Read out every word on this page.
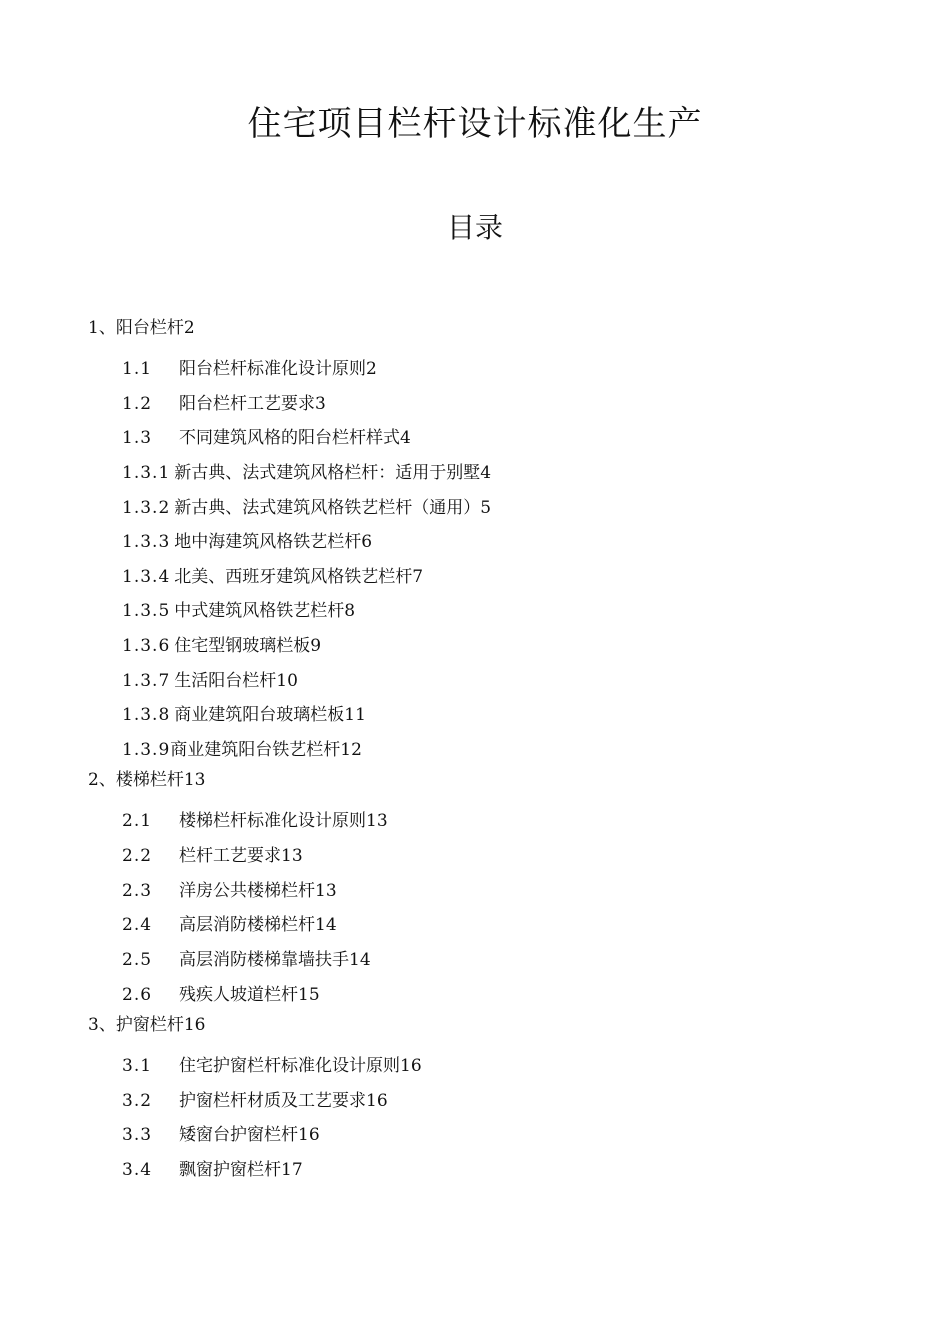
住宅项目栏杆设计标准化生产
目录
1、阳台栏杆2
1.1 阳台栏杆标准化设计原则2
1.2 阳台栏杆工艺要求3
1.3 不同建筑风格的阳台栏杆样式4
1.3.1 新古典、法式建筑风格栏杆：适用于别墅4
1.3.2 新古典、法式建筑风格铁艺栏杆（通用）5
1.3.3 地中海建筑风格铁艺栏杆6
1.3.4 北美、西班牙建筑风格铁艺栏杆7
1.3.5 中式建筑风格铁艺栏杆8
1.3.6 住宅型钢玻璃栏板9
1.3.7 生活阳台栏杆10
1.3.8 商业建筑阳台玻璃栏板11
1.3.9商业建筑阳台铁艺栏杆12
2、楼梯栏杆13
2.1 楼梯栏杆标准化设计原则13
2.2 栏杆工艺要求13
2.3 洋房公共楼梯栏杆13
2.4 高层消防楼梯栏杆14
2.5 高层消防楼梯靠墙扶手14
2.6 残疾人坡道栏杆15
3、护窗栏杆16
3.1 住宅护窗栏杆标准化设计原则16
3.2 护窗栏杆材质及工艺要求16
3.3 矮窗台护窗栏杆16
3.4 飘窗护窗栏杆17
